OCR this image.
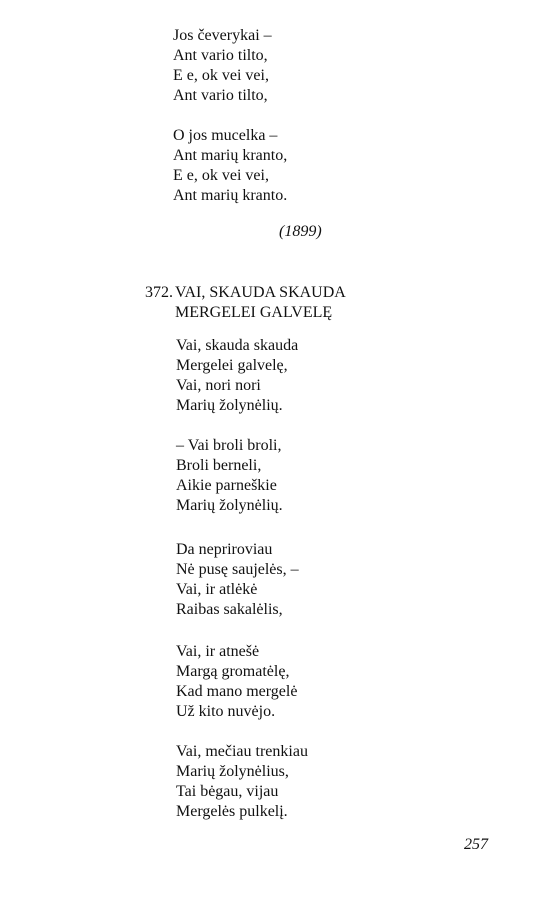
Jos čeverykai –
Ant vario tilto,
E e, ok vei vei,
Ant vario tilto,
O jos mucelka –
Ant marių kranto,
E e, ok vei vei,
Ant marių kranto.
(1899)
372. VAI, SKAUDA SKAUDA
MERGELEI GALVELĘ
Vai, skauda skauda
Mergelei galvelę,
Vai, nori nori
Marių žolynėlių.
– Vai broli broli,
Broli berneli,
Aikie parneškie
Marių žolynėlių.
Da nepriroviau
Nė pusę saujelės, –
Vai, ir atlėkė
Raibas sakalėlis,
Vai, ir atnešė
Margą gromatėlę,
Kad mano mergelė
Už kito nuvėjo.
Vai, mečiau trenkiau
Marių žolynėlius,
Tai bėgau, vijau
Mergelės pulkelį.
257
